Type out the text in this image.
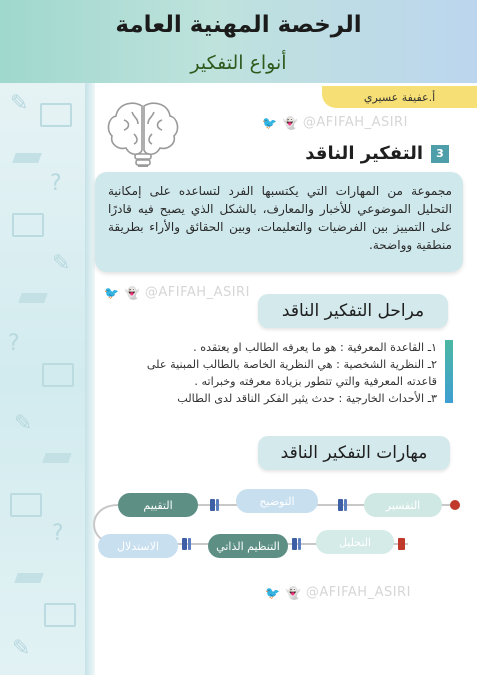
✎
?
✎
?
✎
?
✎
الرخصة المهنية العامة
أنواع التفكير
أ.عفيفة عسيري
🐦 👻 @AFIFAH_ASIRI
🐦 👻 @AFIFAH_ASIRI
🐦 👻 @AFIFAH_ASIRI
3
التفكير الناقد
مجموعة من المهارات التي يكتسبها الفرد لتساعده على إمكانية التحليل الموضوعي للأخبار والمعارف، بالشكل الذي يصبح فيه قادرًا على التمييز بين الفرضيات والتعليمات، وبين الحقائق والأراء بطريقة منطقية وواضحة.
مراحل التفكير الناقد
١ـ القاعدة المعرفية : هو ما يعرفه الطالب او يعتقده .
٢ـ النظرية الشخصية : هي النظرية الخاصة بالطالب المبنية على
قاعدته المعرفية والتي تتطور بزيادة معرفته وخبراته .
٣ـ الأحداث الخارجية : حدث يثير الفكر الناقد لدى الطالب
مهارات التفكير الناقد
التفسير
التوضيح
التقييم
التحليل
التنظيم الذاتي
الاستدلال
